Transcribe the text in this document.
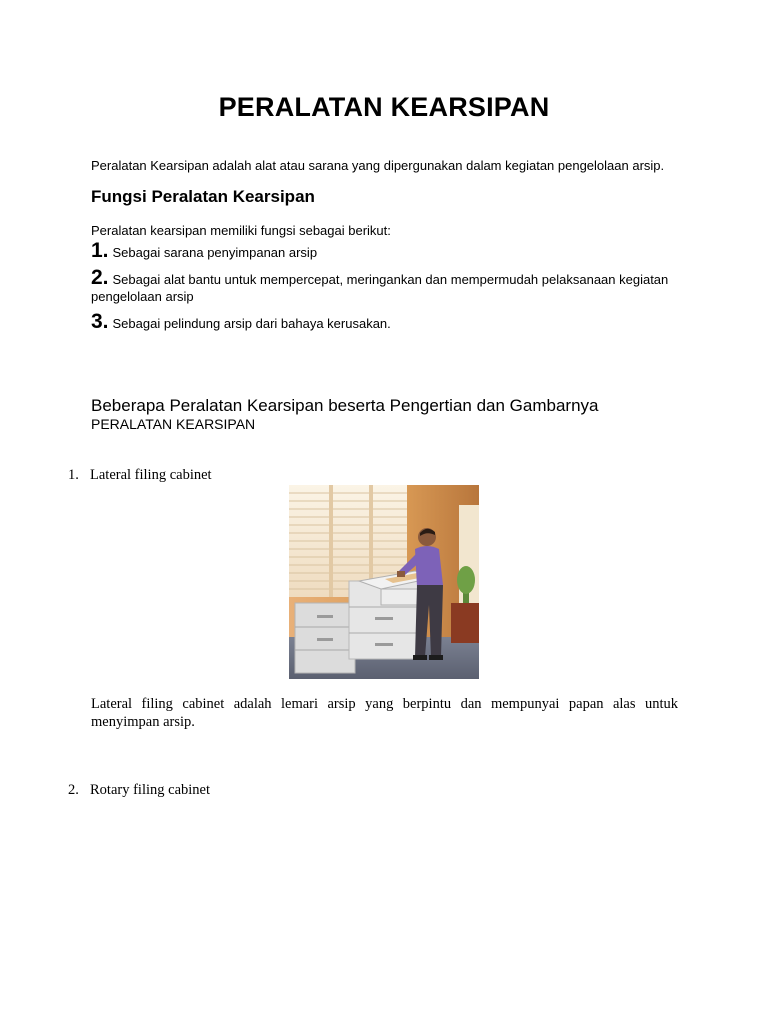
PERALATAN KEARSIPAN
Peralatan Kearsipan adalah alat atau sarana yang dipergunakan dalam kegiatan pengelolaan arsip.
Fungsi Peralatan Kearsipan
Peralatan kearsipan memiliki fungsi sebagai berikut:
1. Sebagai sarana penyimpanan arsip
2. Sebagai alat bantu untuk mempercepat, meringankan dan mempermudah pelaksanaan kegiatan pengelolaan arsip
3. Sebagai pelindung arsip dari bahaya kerusakan.
Beberapa Peralatan Kearsipan beserta Pengertian dan Gambarnya
PERALATAN KEARSIPAN
1. Lateral filing cabinet
Lateral filing cabinet adalah lemari arsip yang berpintu dan mempunyai papan alas untuk menyimpan arsip.
2. Rotary filing cabinet
